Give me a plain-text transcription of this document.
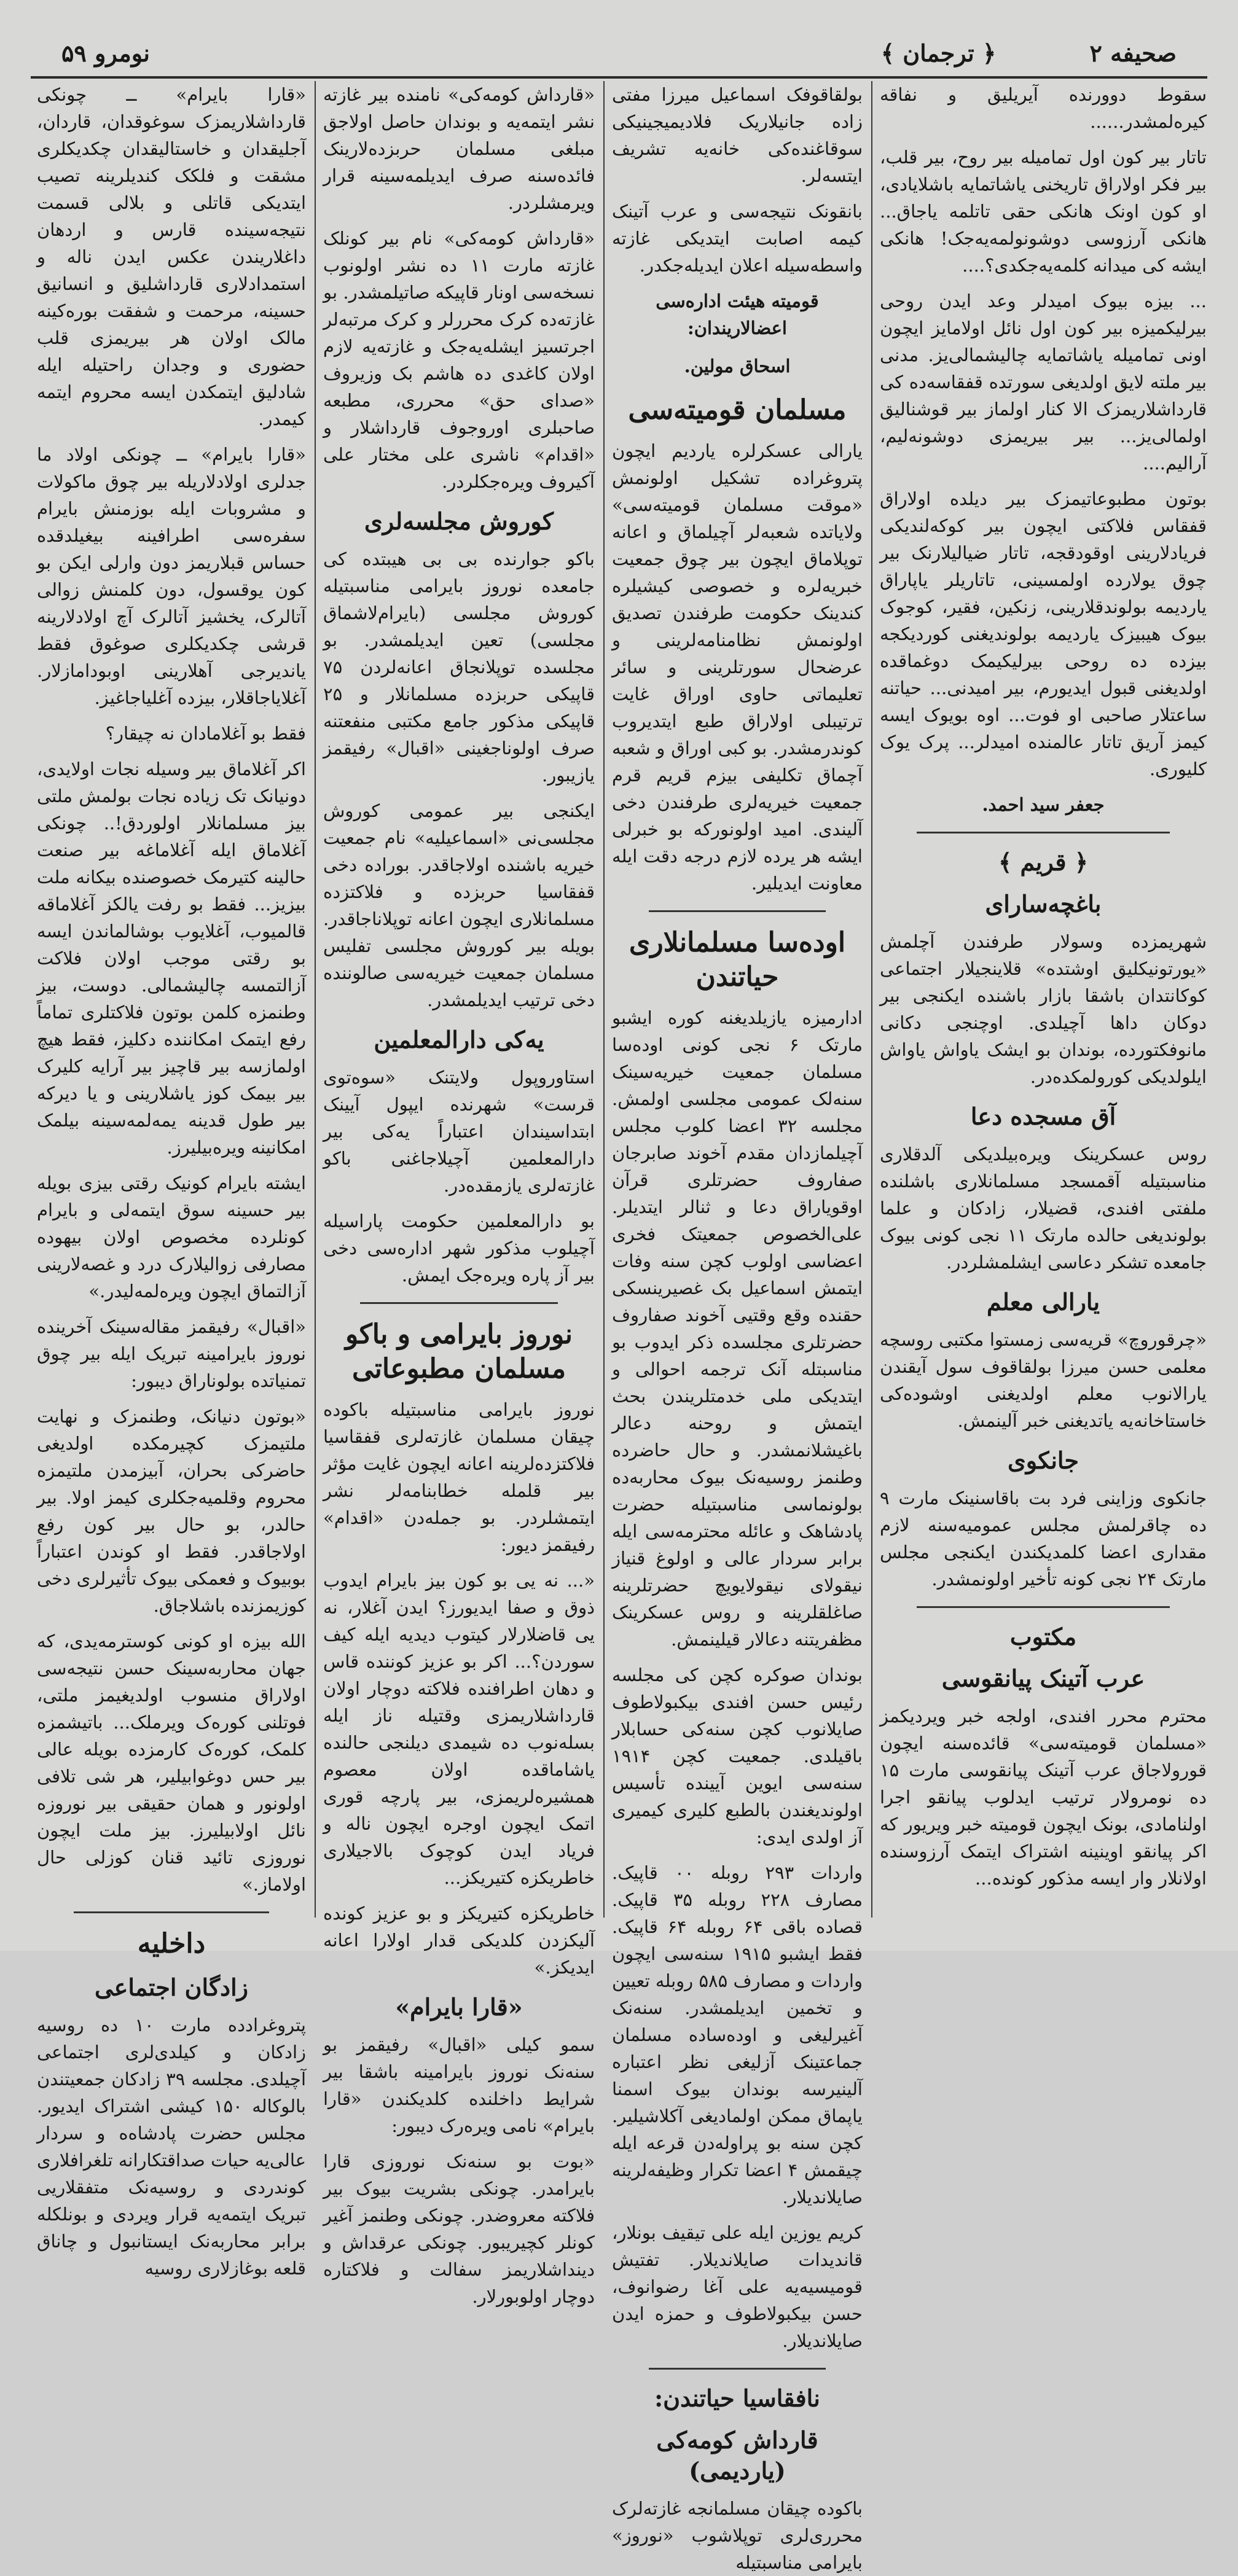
صحیفه ۲
﴿ ترجمان ﴾
نومرو ۵۹

سقوط دوورنده آیریلیق و نفاقه کیره‌لمشدر......

تاتار بیر کون اول تمامیله بیر روح، بیر قلب، بیر فکر اولاراق تاریخنی یاشاتمایه باشلایادی، او کون اونک هانکی حقی تاتلمه یاجاق... هانکی آرزوسی دوشونولمه‌یه‌جک! هانکی ایشه کی میدانه کلمه‌یه‌جکدی؟....

... بیزه بیوک امیدلر وعد ایدن روحی بیرلیکمیزه بیر کون اول نائل اولامایز ایچون اونی تمامیله یاشاتمایه چالیشمالی‌یز. مدنی بیر ملته لایق اولدیغی سورتده قفقاسه‌ده کی قارداشلاریمزک الا کنار اولماز بیر قوشنالیق اولمالی‌یز... بیر بیریمزی دوشونه‌لیم، آرالیم....

بوتون مطبوعاتیمزک بیر دیلده اولاراق قفقاس فلاکتی ایچون بیر کوکه‌لندیکی فریادلارینی اوقودقجه، تاتار ضیالیلارنک بیر چوق یولارده اولمسینی، تاتاریلر یاپاراق یاردیمه بولوندقلارینی، زنکین، فقیر، کوجوک بیوک هیبیزک یاردیمه بولوندیغنی کوردیکجه بیزده ده روحی بیرلیکیمک دوغماقده اولدیغنی قبول ایدیورم، بیر امیدنی... حیاتنه ساعتلار صاحبی او فوت... اوه بویوک ایسه کیمز آریق تاتار عالمنده امیدلر... پرک یوک کلیوری.

جعفر سید احمد.
﴿ قریم ﴾
باغچه‌سارای

شهریمزده وسولار طرفندن آچلمش «یورتونیکلیق اوشتده» قلاینجیلار اجتماعی کوکانتدان باشقا بازار باشنده ایکنجی بیر دوکان داها آچیلدی. اوچنجی دکانی مانوفکتورده، بوندان بو ایشک یاواش یاواش ایلولدیکی کورولمکده‌در.

آق مسجده دعا

روس عسکرینک ویره‌بیلدیکی آلدقلاری مناسبتیله آقمسجد مسلمانلاری باشلنده ملفتی افندی، قضیلار، زادکان و علما بولوندیغی حالده مارتک ۱۱ نجی کونی بیوک جامعده تشکر دعاسی ایشلمشلردر.

یارالی معلم

«چرقوروچ» قریه‌سی زمستوا مکتبی روسچه معلمی حسن میرزا بولقاقوف سول آیقندن یارالانوب معلم اولدیغنی اوشوده‌کی خاستاخانه‌یه یاتدیغنی خبر آلینمش.

جانکوی

جانکوی وزاینی فرد بت باقاسنینک مارت ۹ ده چاقرلمش مجلس عمومیه‌سنه لازم مقداری اعضا کلمدیکندن ایکنجی مجلس مارتک ۲۴ نجی کونه تأخیر اولونمشدر.

مکتوب
عرب آتینک پیانقوسی

محترم محرر افندی، اولجه خبر ویردیکمز «مسلمان قومیته‌سی» قائده‌سنه ایچون قورولاجاق عرب آتینک پیانقوسی مارت ۱۵ ده نومرولار ترتیب ایدلوب پیانقو اجرا اولنامادی، بونک ایچون قومیته خبر ویریور که اکر پیانقو اوینینه اشتراک ایتمک آرزوسنده اولانلار وار ایسه مذکور کونده...

بولقاقوفک اسماعیل میرزا مفتی زاده جانیلاریک فلادیمیجینیکی سوقاغنده‌کی خانه‌یه تشریف ایتسه‌لر.

بانقونک نتیجه‌سی و عرب آتینک کیمه اصابت ایتدیکی غازته واسطه‌سیله اعلان ایدیله‌جکدر.

قومیته هیئت اداره‌سی اعضالاریندان:
اسحاق مولین.
مسلمان قومیته‌سی

یارالی عسکرلره یاردیم ایچون پتروغراده تشکیل اولونمش «موقت مسلمان قومیته‌سی» ولایاتده شعبه‌لر آچیلماق و اعانه توپلاماق ایچون بیر چوق جمعیت خبریه‌لره و خصوصی کیشیلره کندینک حکومت طرفندن تصدیق اولونمش نظامنامه‌لرینی و عرضحال سورتلرینی و سائر تعلیماتی حاوی اوراق غایت ترتیبلی اولاراق طبع ایتدیروب کوندرمشدر. بو کبی اوراق و شعبه آچماق تکلیفی بیزم قریم قرم جمعیت خیریه‌لری طرفندن دخی آلیندی. امید اولونورکه بو خبرلی ایشه هر یرده لازم درجه دقت ایله معاونت ایدیلیر.

اوده‌سا مسلمانلاری حیاتندن

ادارمیزه یازیلدیغنه کوره ایشبو مارتک ۶ نجی کونی اوده‌سا مسلمان جمعیت خیریه‌سینک سنه‌لک عمومی مجلسی اولمش. مجلسه ۳۲ اعضا کلوب مجلس آچیلمازدان مقدم آخوند صابرجان صفاروف حضرتلری قرآن اوقویاراق دعا و ثنالر ایتدیلر. علی‌الخصوص جمعیتک فخری اعضاسی اولوب کچن سنه وفات ایتمش اسماعیل بک غصیرینسکی حقنده وقع وقتیی آخوند صفاروف حضرتلری مجلسده ذکر ایدوب بو مناسبتله آنک ترجمه احوالی و ایتدیکی ملی خدمتلریندن بحث ایتمش و روحنه دعالر باغیشلانمشدر. و حال حاضرده وطنمز روسیه‌نک بیوک محاربه‌ده بولونماسی مناسبتیله حضرت پادشاهک و عائله محترمه‌سی ایله برابر سردار عالی و اولوغ قنیاز نیقولای نیقولایویچ حضرتلرینه صاغلقلرینه و روس عسکرینک مظفریتنه دعالار قیلینمش.

بوندان صوکره کچن کی مجلسه رئیس حسن افندی بیکبولاطوف صایلانوب کچن سنه‌کی حسابلار باقیلدی. جمعیت کچن ۱۹۱۴ سنه‌سی ایوین آیینده تأسیس اولوندیغندن بالطبع کلیری کیمیری آز اولدی ایدی:

واردات ۲۹۳ روبله ۰۰ قاپیک. مصارف ۲۲۸ روبله ۳۵ قاپیک. قصاده باقی ۶۴ روبله ۶۴ قاپیک. فقط ایشبو ۱۹۱۵ سنه‌سی ایچون واردات و مصارف ۵۸۵ روبله تعیین و تخمین ایدیلمشدر. سنه‌نک آغیرلیغی و اوده‌ساده مسلمان جماعتینک آزلیغی نظر اعتباره آلینیرسه بوندان بیوک اسمنا یاپماق ممکن اولمادیغی آکلاشیلیر. کچن سنه بو پراوله‌دن قرعه ایله چیقمش ۴ اعضا تکرار وظیفه‌لرینه صایلاندیلار.

کریم یوزین ایله علی تیقیف بونلار، قاندیدات صایلاندیلار. تفتیش قومیسیه‌یه علی آغا رضوانوف، حسن بیکبولاطوف و حمزه ایدن صایلاندیلار.

نافقاسیا حیاتندن:
قارداش کومه‌کی (یاردیمی)

باکوده چیقان مسلمانجه غازته‌لرک محرری‌لری توپلاشوب «نوروز» بایرامی مناسبتیله

«قارداش کومه‌کی» نامنده بیر غازته نشر ایتمه‌یه و بوندان حاصل اولاجق مبلغی مسلمان حربزده‌لارینک فائده‌سنه صرف ایدیلمه‌سینه قرار ویرمشلردر.

«قارداش کومه‌کی» نام بیر کونلک غازته مارت ۱۱ ده نشر اولونوب نسخه‌سی اونار قاپیکه صاتیلمشدر. بو غازته‌ده کرک محررلر و کرک مرتبه‌لر اجرتسیز ایشله‌یه‌جک و غازته‌یه لازم اولان کاغدی ده هاشم بک وزیروف «صدای حق» محرری، مطبعه صاحبلری اوروجوف قارداشلار و «اقدام» ناشری علی مختار علی آکیروف ویره‌جکلردر.

کوروش مجلسه‌لری

باکو جوارنده بی بی هیبتده کی جامعده نوروز بایرامی مناسبتیله کوروش مجلسی (بایرام‌لاشماق مجلسی) تعین ایدیلمشدر. بو مجلسده توپلانجاق اعانه‌لردن ۷۵ قاپیکی حربزده مسلمانلار و ۲۵ قاپیکی مذکور جامع مکتبی منفعتنه صرف اولوناجغینی «اقبال» رفیقمز یازیبور.

ایکنجی بیر عمومی کوروش مجلسی‌نی «اسماعیلیه» نام جمعیت خیریه باشنده اولاجاقدر. بوراده دخی قفقاسیا حربزده و فلاکتزده مسلمانلاری ایچون اعانه توپلاناجاقدر. بویله بیر کوروش مجلسی تفلیس مسلمان جمعیت خیریه‌سی صالوننده دخی ترتیب ایدیلمشدر.

یه‌کی دارالمعلمین

استاوروپول ولایتنک «سوه‌توی قرست» شهرنده ایپول آیینک ابتداسیندان اعتباراً یه‌کی بیر دارالمعلمین آچیلاجاغنی باکو غازته‌لری یازمقده‌در.

بو دارالمعلمین حکومت پاراسیله آچیلوب مذکور شهر اداره‌سی دخی بیر آز پاره ویره‌جک ایمش.

نوروز بایرامی و باکو مسلمان مطبوعاتی

نوروز بایرامی مناسبتیله باکوده چیقان مسلمان غازته‌لری قفقاسیا فلاکتزده‌لرینه اعانه ایچون غایت مؤثر بیر قلمله خطابنامه‌لر نشر ایتمشلردر. بو جمله‌دن «اقدام» رفیقمز دیور:

«... نه یی بو کون بیز بایرام ایدوب ذوق و صفا ایدیورز؟ ایدن آغلار، نه یی قاضلارلار کیتوب دیدیه ایله کیف سوردن؟... اکر بو عزیز کوننده قاس و دهان اطرافنده فلاکته دوچار اولان قارداشلاریمزی وقتیله ناز ایله بسله‌نوب ده شیمدی دیلنجی حالنده یاشاماقده اولان معصوم همشیره‌لریمزی، بیر پارچه قوری اتمک ایچون اوجره ایچون ناله و فریاد ایدن کوچوک بالاجیلاری خاطریکزه کتیریکز...

خاطریکزه کتیریکز و بو عزیز کونده آلیکزدن کلدیکی قدار اولارا اعانه ایدیکز.»

«قارا بایرام»

سمو کیلی «اقبال» رفیقمز بو سنه‌نک نوروز بایرامینه باشقا بیر شرایط داخلنده کلدیکندن «قارا بایرام» نامی ویره‌رک دیبور:

«بوت بو سنه‌نک نوروزی قارا بایرامدر. چونکی بشریت بیوک بیر فلاکته معروضدر. چونکی وطنمز آغیر کونلر کچیریبور. چونکی عرقداش و دینداشلاریمز سفالت و فلاکتاره دوچار اولوبورلار.

«قارا بایرام» ــ چونکی قارداشلاریمزک سوغوقدان، قاردان، آجلیقدان و خاستالیقدان چکدیکلری مشقت و فلکک کندیلرینه تصیب ایتدیکی قاتلی و بلالی قسمت نتیجه‌سینده قارس و اردهان داغلاریندن عکس ایدن ناله و استمدادلاری قارداشلیق و انسانیق حسینه، مرحمت و شفقت بوره‌کینه مالک اولان هر بیریمزی قلب حضوری و وجدان راحتیله ایله شادلیق ایتمکدن ایسه محروم ایتمه کیمدر.

«قارا بایرام» ــ چونکی اولاد ما جدلری اولادلاریله بیر چوق ماکولات و مشروبات ایله بوزمنش بایرام سفره‌سی اطرافینه بیغیلدقده حساس قبلاریمز دون وارلی ایکن بو کون یوقسول، دون کلمنش زوالی آتالرک، یخشیز آتالرک آچ اولادلارینه قرشی چکدیکلری صوغوق فقط یاندیرجی آهلارینی اوبودامازلار. آغلایاجاقلار، بیزده آغلیاجاغیز.

فقط بو آغلامادان نه چیقار؟

اکر آغلاماق بیر وسیله نجات اولایدی، دونیانک تک زیاده نجات بولمش ملتی بیز مسلمانلار اولوردق!.. چونکی آغلاماق ایله آغلاماغه بیر صنعت حالینه کتیرمک خصوصنده بیکانه ملت بیزیز... فقط بو رفت یالکز آغلاماقه قالمیوب، آغلایوب بوشالماندن ایسه بو رقتی موجب اولان فلاکت آزالتمسه چالیشمالی. دوست، بیز وطنمزه کلمن بوتون فلاکتلری تماماً رفع ایتمک امکاننده دکلیز، فقط هیچ اولمازسه بیر قاچیز بیر آرایه کلیرک بیر بیمک کوز یاشلارینی و یا دیرکه بیر طول قدینه یمه‌لمه‌سینه بیلمک امکانینه ویره‌بیلیرز.

ایشته بایرام کونیک رقتی بیزی بویله بیر حسینه سوق ایتمه‌لی و بایرام کونلرده مخصوص اولان بیهوده مصارفی زوالیلارک درد و غصه‌لارینی آزالتماق ایچون ویره‌لمه‌لیدر.»

«اقبال» رفیقمز مقاله‌سینک آخرینده نوروز بایرامینه تبریک ایله بیر چوق تمنیاتده بولوناراق دیبور:

«بوتون دنیانک، وطنمزک و نهایت ملتیمزک کچیرمکده اولدیغی حاضرکی بحران، آبیزمدن ملتیمزه محروم وقلمیه‌جکلری کیمز اولا. بیر حالدر، بو حال بیر کون رفع اولاجاقدر. فقط او کوندن اعتباراً بوبیوک و فعمکی بیوک تأثیرلری دخی کوزیمزنده باشلاجاق.

الله بیزه او کونی کوسترمه‌یدی، که جهان محاربه‌سینک حسن نتیجه‌سی اولاراق منسوب اولدیغیمز ملتی، فوتلنی کوره‌ک ویرملک... باتیشمزه کلمک، کوره‌ک کارمزده بویله عالی بیر حس دوغوابیلیر، هر شی تلافی اولونور و همان حقیقی بیر نوروزه نائل اولابیلیرز. بیز ملت ایچون نوروزی تائید قنان کوزلی حال اولاماز.»

داخلیه
زادگان اجتماعی

پتروغرادده مارت ۱۰ ده روسیه زادکان و کیلدی‌لری اجتماعی آچیلدی. مجلسه ۳۹ زادکان جمعیتندن بالوکاله ۱۵۰ کیشی اشتراک ایدیور. مجلس حضرت پادشاه‌ه و سردار عالی‌یه حیات صداقتکارانه تلغرافلاری کوندردی و روسیه‌نک متفقلاریی تبریک ایتمه‌یه قرار ویردی و بونلکله برابر محاربه‌نک ایستانبول و چاناق قلعه بوغازلاری روسیه
